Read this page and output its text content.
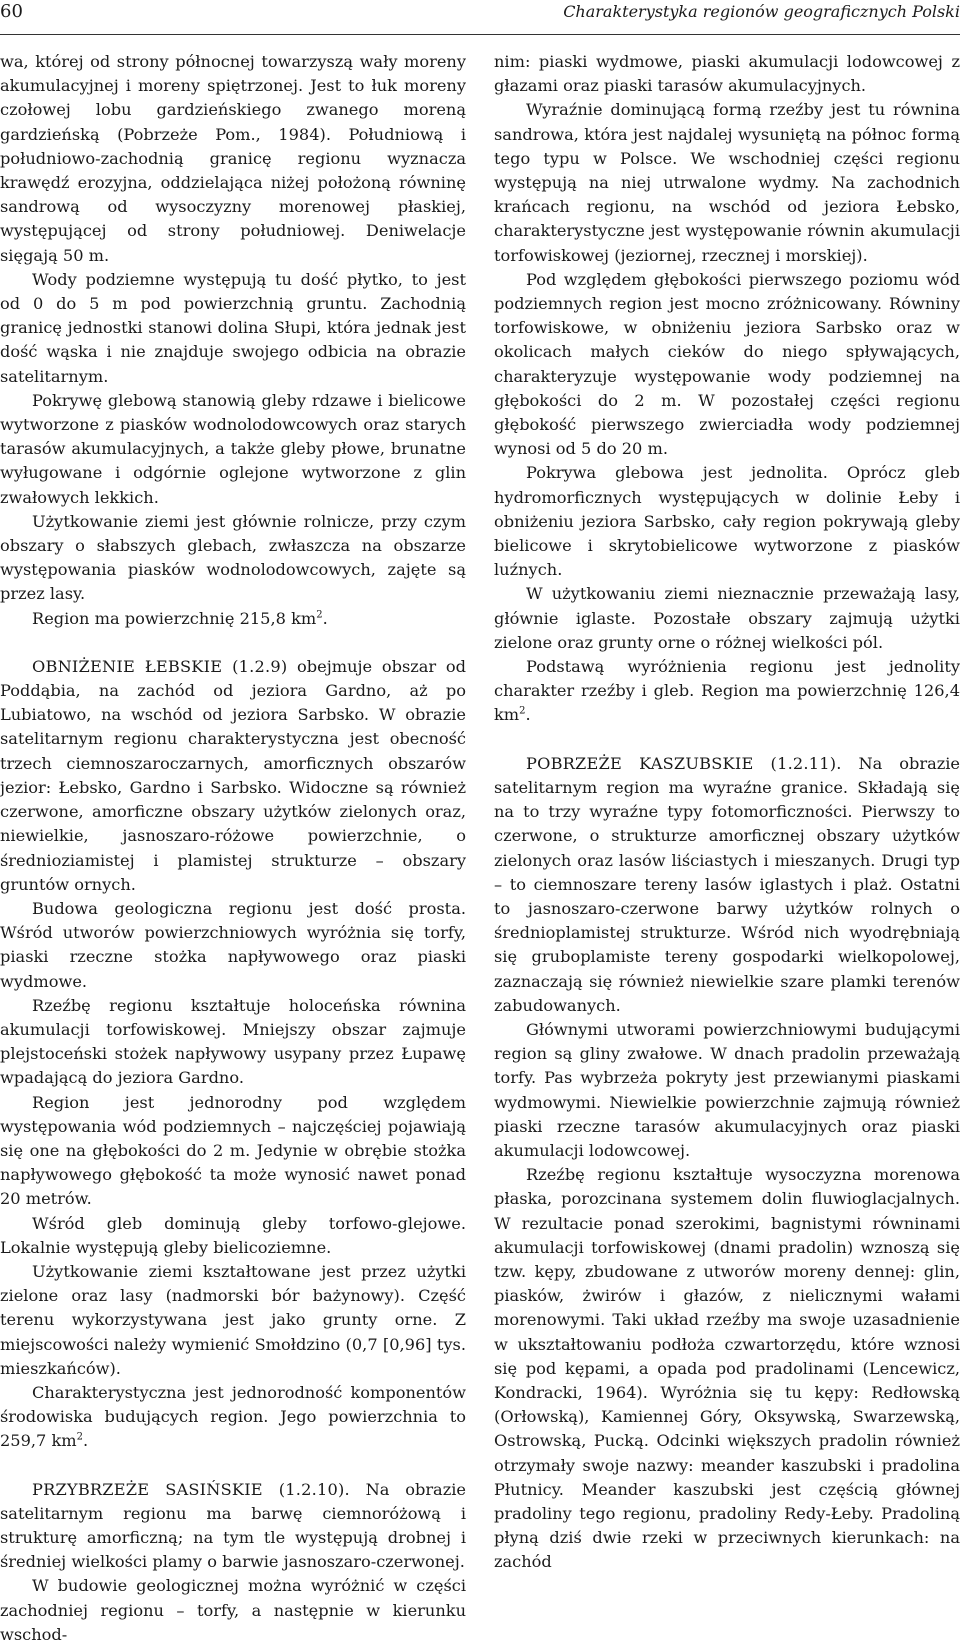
60	Charakterystyka regionów geograficznych Polski

wa, której od strony północnej towarzyszą wały moreny akumulacyjnej i moreny spiętrzonej. Jest to łuk moreny czołowej lobu gardzieńskiego zwanego moreną gardzieńską (Pobrzeże Pom., 1984). Południową i południowo-zachodnią granicę regionu wyznacza krawędź erozyjna, oddzielająca niżej położoną równinę sandrową od wysoczyzny morenowej płaskiej, występującej od strony południowej. Deniwelacje sięgają 50 m.

Wody podziemne występują tu dość płytko, to jest od 0 do 5 m pod powierzchnią gruntu. Zachodnią granicę jednostki stanowi dolina Słupi, która jednak jest dość wąska i nie znajduje swojego odbicia na obrazie satelitarnym.

Pokrywę glebową stanowią gleby rdzawe i bielicowe wytworzone z piasków wodnolodowcowych oraz starych tarasów akumulacyjnych, a także gleby płowe, brunatne wyługowane i odgórnie oglejone wytworzone z glin zwałowych lekkich.

Użytkowanie ziemi jest głównie rolnicze, przy czym obszary o słabszych glebach, zwłaszcza na obszarze występowania piasków wodnolodowcowych, zajęte są przez lasy.

Region ma powierzchnię 215,8 $km^2$.

OBNIŻENIE ŁEBSKIE (1.2.9) obejmuje obszar od Poddąbia, na zachód od jeziora Gardno, aż po Lubiatowo, na wschód od jeziora Sarbsko. W obrazie satelitarnym regionu charakterystyczna jest obecność trzech ciemnoszaroczarnych, amorficznych obszarów jezior: Łebsko, Gardno i Sarbsko. Widoczne są również czerwone, amorficzne obszary użytków zielonych oraz, niewielkie, jasnoszaro-różowe powierzchnie, o średnioziamistej i plamistej strukturze – obszary gruntów ornych.

Budowa geologiczna regionu jest dość prosta. Wśród utworów powierzchniowych wyróżnia się torfy, piaski rzeczne stożka napływowego oraz piaski wydmowe.

Rzeźbę regionu kształtuje holoceńska równina akumulacji torfowiskowej. Mniejszy obszar zajmuje plejstoceński stożek napływowy usypany przez Łupawę wpadającą do jeziora Gardno.

Region jest jednorodny pod względem występowania wód podziemnych – najczęściej pojawiają się one na głębokości do 2 m. Jedynie w obrębie stożka napływowego głębokość ta może wynosić nawet ponad 20 metrów.

Wśród gleb dominują gleby torfowo-glejowe. Lokalnie występują gleby bielicoziemne.

Użytkowanie ziemi kształtowane jest przez użytki zielone oraz lasy (nadmorski bór bażynowy). Część terenu wykorzystywana jest jako grunty orne. Z miejscowości należy wymienić Smołdzino (0,7 [0,96] tys. mieszkańców).

Charakterystyczna jest jednorodność komponentów środowiska budujących region. Jego powierzchnia to 259,7 $km^2$.

PRZYBRZEŻE SASIŃSKIE (1.2.10). Na obrazie satelitarnym regionu ma barwę ciemnoróżową i strukturę amorficzną; na tym tle występują drobnej i średniej wielkości plamy o barwie jasnoszaro-czerwonej.

W budowie geologicznej można wyróżnić w części zachodniej regionu – torfy, a następnie w kierunku wschod-

nim: piaski wydmowe, piaski akumulacji lodowcowej z głazami oraz piaski tarasów akumulacyjnych.

Wyraźnie dominującą formą rzeźby jest tu równina sandrowa, która jest najdalej wysuniętą na północ formą tego typu w Polsce. We wschodniej części regionu występują na niej utrwalone wydmy. Na zachodnich krańcach regionu, na wschód od jeziora Łebsko, charakterystyczne jest występowanie równin akumulacji torfowiskowej (jeziornej, rzecznej i morskiej).

Pod względem głębokości pierwszego poziomu wód podziemnych region jest mocno zróżnicowany. Równiny torfowiskowe, w obniżeniu jeziora Sarbsko oraz w okolicach małych cieków do niego spływających, charakteryzuje występowanie wody podziemnej na głębokości do 2 m. W pozostałej części regionu głębokość pierwszego zwierciadła wody podziemnej wynosi od 5 do 20 m.

Pokrywa glebowa jest jednolita. Oprócz gleb hydromorficznych występujących w dolinie Łeby i obniżeniu jeziora Sarbsko, cały region pokrywają gleby bielicowe i skrytobielicowe wytworzone z piasków luźnych.

W użytkowaniu ziemi nieznacznie przeważają lasy, głównie iglaste. Pozostałe obszary zajmują użytki zielone oraz grunty orne o różnej wielkości pól.

Podstawą wyróżnienia regionu jest jednolity charakter rzeźby i gleb. Region ma powierzchnię 126,4 $km^2$.

POBRZEŻE KASZUBSKIE (1.2.11). Na obrazie satelitarnym region ma wyraźne granice. Składają się na to trzy wyraźne typy fotomorficzności. Pierwszy to czerwone, o strukturze amorficznej obszary użytków zielonych oraz lasów liściastych i mieszanych. Drugi typ – to ciemnoszare tereny lasów iglastych i plaż. Ostatni to jasnoszaro-czerwone barwy użytków rolnych o średnioplamistej strukturze. Wśród nich wyodrębniają się gruboplamiste tereny gospodarki wielkopolowej, zaznaczają się również niewielkie szare plamki terenów zabudowanych.

Głównymi utworami powierzchniowymi budującymi region są gliny zwałowe. W dnach pradolin przeważają torfy. Pas wybrzeża pokryty jest przewianymi piaskami wydmowymi. Niewielkie powierzchnie zajmują również piaski rzeczne tarasów akumulacyjnych oraz piaski akumulacji lodowcowej.

Rzeźbę regionu kształtuje wysoczyzna morenowa płaska, porozcinana systemem dolin fluwioglacjalnych. W rezultacie ponad szerokimi, bagnistymi równinami akumulacji torfowiskowej (dnami pradolin) wznoszą się tzw. kępy, zbudowane z utworów moreny dennej: glin, piasków, żwirów i głazów, z nielicznymi wałami morenowymi. Taki układ rzeźby ma swoje uzasadnienie w ukształtowaniu podłoża czwartorzędu, które wznosi się pod kępami, a opada pod pradolinami (Lencewicz, Kondracki, 1964). Wyróżnia się tu kępy: Redłowską (Orłowską), Kamiennej Góry, Oksywską, Swarzewską, Ostrowską, Pucką. Odcinki większych pradolin również otrzymały swoje nazwy: meander kaszubski i pradolina Płutnicy. Meander kaszubski jest częścią głównej pradoliny tego regionu, pradoliny Redy-Łeby. Pradoliną płyną dziś dwie rzeki w przeciwnych kierunkach: na zachód
